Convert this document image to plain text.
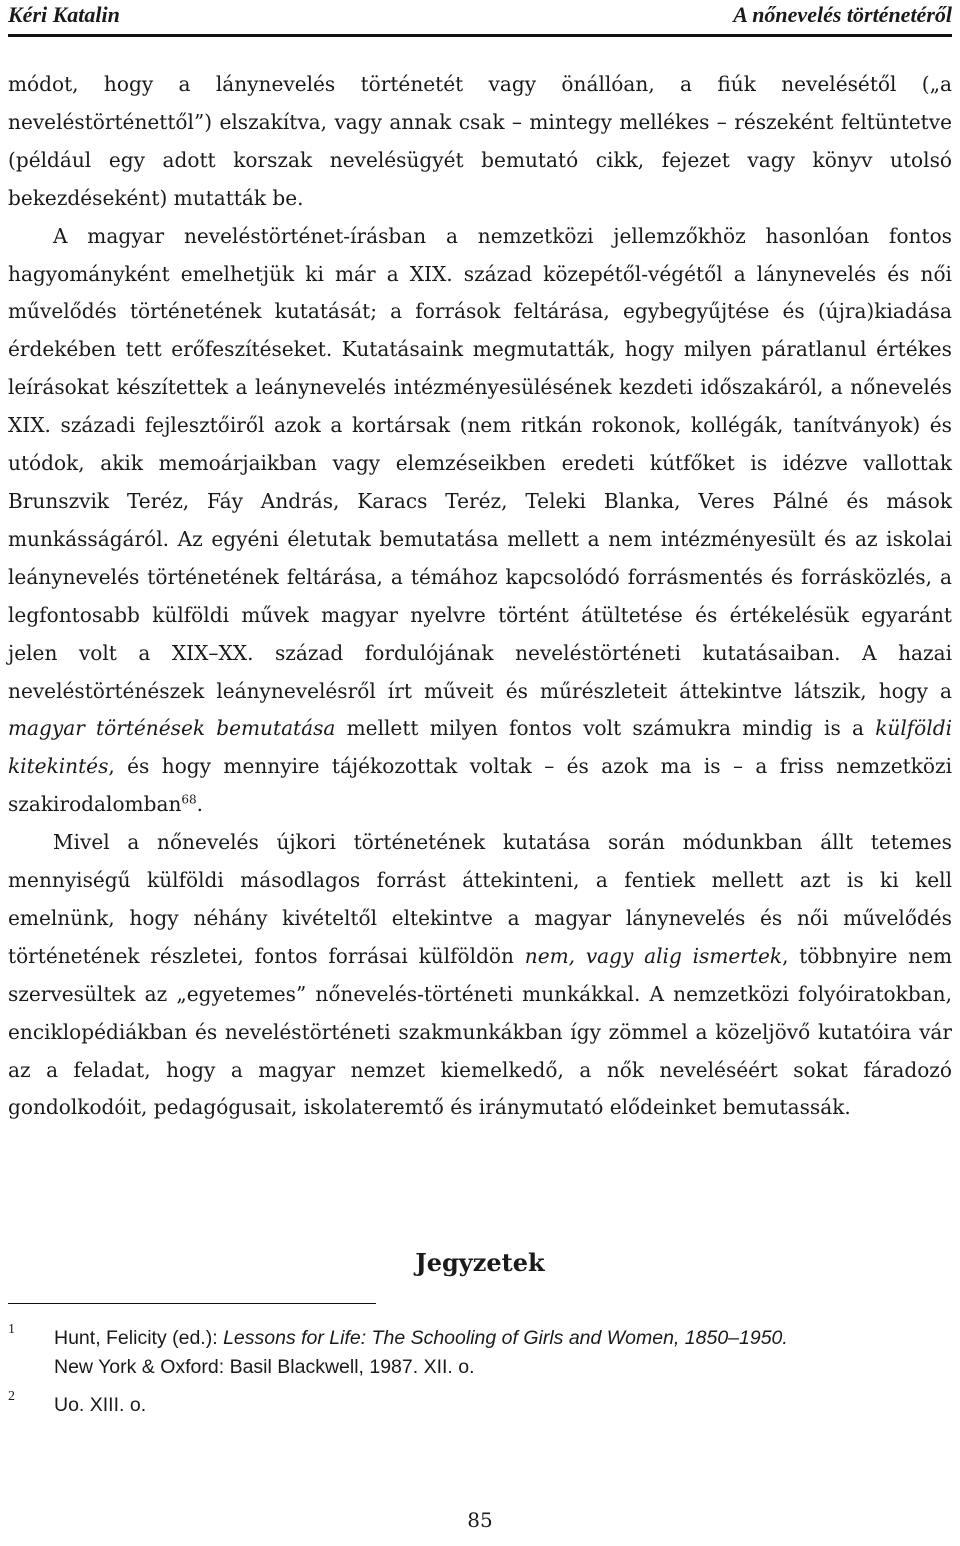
Kéri Katalin	A nőnevelés történetéről

módot, hogy a lánynevelés történetét vagy önállóan, a fiúk nevelésétől („a neveléstörténettől”) elszakítva, vagy annak csak – mintegy mellékes – részeként feltüntetve (például egy adott korszak nevelésügyét bemutató cikk, fejezet vagy könyv utolsó bekezdéseként) mutatták be.

A magyar neveléstörténet-írásban a nemzetközi jellemzőkhöz hasonlóan fontos hagyományként emelhetjük ki már a XIX. század közepétől-végétől a lánynevelés és női művelődés történetének kutatását; a források feltárása, egybegyűjtése és (újra)kiadása érdekében tett erőfeszítéseket. Kutatásaink megmutatták, hogy milyen páratlanul értékes leírásokat készítettek a leánynevelés intézményesülésének kezdeti időszakáról, a nőnevelés XIX. századi fejlesztőiről azok a kortársak (nem ritkán rokonok, kollégák, tanítványok) és utódok, akik memoárjaikban vagy elemzéseikben eredeti kútfőket is idézve vallottak Brunszvik Teréz, Fáy András, Karacs Teréz, Teleki Blanka, Veres Pálné és mások munkásságáról. Az egyéni életutak bemutatása mellett a nem intézményesült és az iskolai leánynevelés történetének feltárása, a témához kapcsolódó forrásmentés és forrásközlés, a legfontosabb külföldi művek magyar nyelvre történt átültetése és értékelésük egyaránt jelen volt a XIX–XX. század fordulójának neveléstörténeti kutatásaiban. A hazai neveléstörténészek leánynevelésről írt műveit és műrészleteit áttekintve látszik, hogy a magyar történések bemutatása mellett milyen fontos volt számukra mindig is a külföldi kitekintés, és hogy mennyire tájékozottak voltak – és azok ma is – a friss nemzetközi szakirodalomban$^{68}$.

Mivel a nőnevelés újkori történetének kutatása során módunkban állt tetemes mennyiségű külföldi másodlagos forrást áttekinteni, a fentiek mellett azt is ki kell emelnünk, hogy néhány kivételtől eltekintve a magyar lánynevelés és női művelődés történetének részletei, fontos forrásai külföldön nem, vagy alig ismertek, többnyire nem szervesültek az „egyetemes” nőnevelés-történeti munkákkal. A nemzetközi folyóiratokban, enciklopédiákban és neveléstörténeti szakmunkákban így zömmel a közeljövő kutatóira vár az a feladat, hogy a magyar nemzet kiemelkedő, a nők neveléséért sokat fáradozó gondolkodóit, pedagógusait, iskolateremtő és iránymutató elődeinket bemutassák.

Jegyzetek
1 Hunt, Felicity (ed.): Lessons for Life: The Schooling of Girls and Women, 1850–1950.
New York & Oxford: Basil Blackwell, 1987. XII. o.
2 Uo. XIII. o.
85
